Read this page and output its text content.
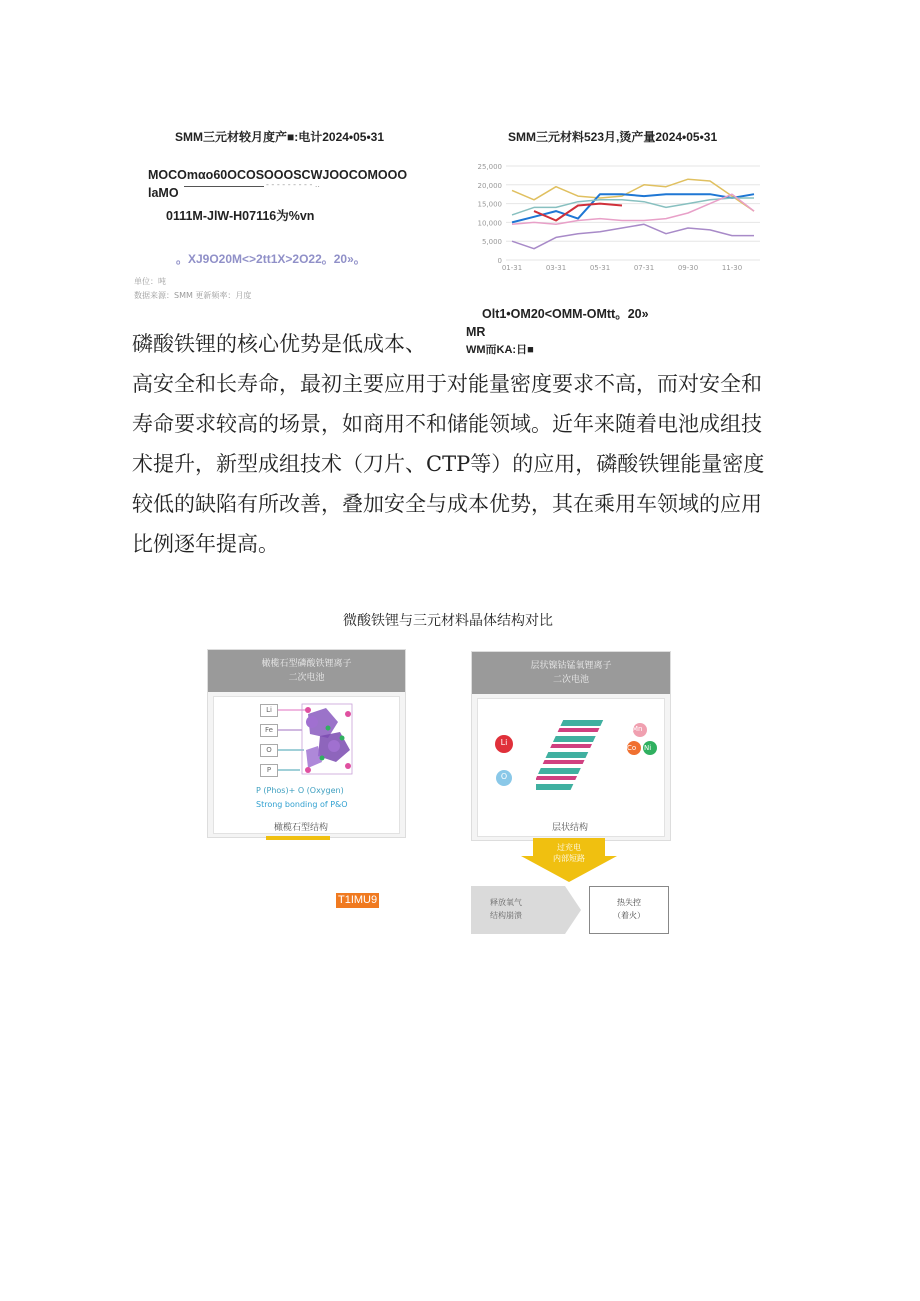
SMM三元材较月度产■:电计2024•05•31
MOCOmαo60OCOSOOOSCWJOOCOMOOO
laMO
- - - - - - - - - ..
0111M-JlW-H07116为%vn
。XJ9O20M<>2tt1X>2O22。20»。
单位：吨
数据来源：SMM 更新频率：月度
SMM三元材料523月,烫产量2024•05•31
0
5,000
10,000
15,000
20,000
25,000
01-31	03-31	05-31	07-31	09-30	11-30
Olt1•OM20<OMM-OMtt。20»
MR
WM而KA:日■
磷酸铁锂的核心优势是低成本、
高安全和长寿命，最初主要应用于对能量密度要求不高，而对安全和
寿命要求较高的场景，如商用不和储能领域。近年来随着电池成组技
术提升，新型成组技术（刀片、CTP等）的应用，磷酸铁锂能量密度
较低的缺陷有所改善，叠加安全与成本优势，其在乘用车领域的应用
比例逐年提高。
微酸铁锂与三元材料晶体结构对比
橄榄石型磷酸铁锂离子
二次电池
Li
Fe
O
P
P (Phos)+ O (Oxygen)
Strong bonding of P&O
橄榄石型结构
层状镍钴锰氧锂离子
二次电池
Li
O
Mn
Co Ni
层状结构
过充电
内部短路
释放氧气
结构崩溃
热失控
（着火）
T1IMU9
